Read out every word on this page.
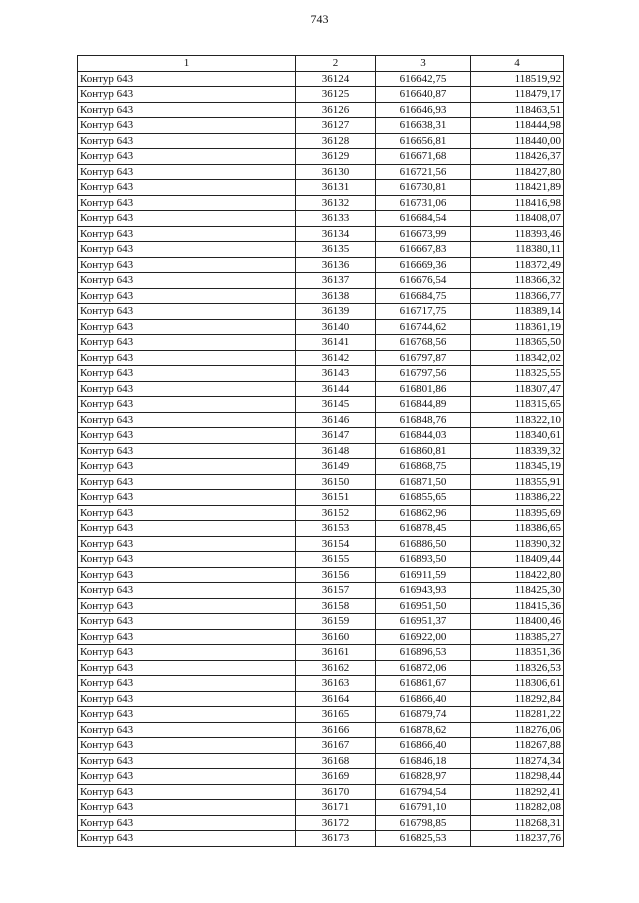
743
1	2	3	4
Контур 643	36124	616642,75	118519,92
Контур 643	36125	616640,87	118479,17
Контур 643	36126	616646,93	118463,51
Контур 643	36127	616638,31	118444,98
Контур 643	36128	616656,81	118440,00
Контур 643	36129	616671,68	118426,37
Контур 643	36130	616721,56	118427,80
Контур 643	36131	616730,81	118421,89
Контур 643	36132	616731,06	118416,98
Контур 643	36133	616684,54	118408,07
Контур 643	36134	616673,99	118393,46
Контур 643	36135	616667,83	118380,11
Контур 643	36136	616669,36	118372,49
Контур 643	36137	616676,54	118366,32
Контур 643	36138	616684,75	118366,77
Контур 643	36139	616717,75	118389,14
Контур 643	36140	616744,62	118361,19
Контур 643	36141	616768,56	118365,50
Контур 643	36142	616797,87	118342,02
Контур 643	36143	616797,56	118325,55
Контур 643	36144	616801,86	118307,47
Контур 643	36145	616844,89	118315,65
Контур 643	36146	616848,76	118322,10
Контур 643	36147	616844,03	118340,61
Контур 643	36148	616860,81	118339,32
Контур 643	36149	616868,75	118345,19
Контур 643	36150	616871,50	118355,91
Контур 643	36151	616855,65	118386,22
Контур 643	36152	616862,96	118395,69
Контур 643	36153	616878,45	118386,65
Контур 643	36154	616886,50	118390,32
Контур 643	36155	616893,50	118409,44
Контур 643	36156	616911,59	118422,80
Контур 643	36157	616943,93	118425,30
Контур 643	36158	616951,50	118415,36
Контур 643	36159	616951,37	118400,46
Контур 643	36160	616922,00	118385,27
Контур 643	36161	616896,53	118351,36
Контур 643	36162	616872,06	118326,53
Контур 643	36163	616861,67	118306,61
Контур 643	36164	616866,40	118292,84
Контур 643	36165	616879,74	118281,22
Контур 643	36166	616878,62	118276,06
Контур 643	36167	616866,40	118267,88
Контур 643	36168	616846,18	118274,34
Контур 643	36169	616828,97	118298,44
Контур 643	36170	616794,54	118292,41
Контур 643	36171	616791,10	118282,08
Контур 643	36172	616798,85	118268,31
Контур 643	36173	616825,53	118237,76
